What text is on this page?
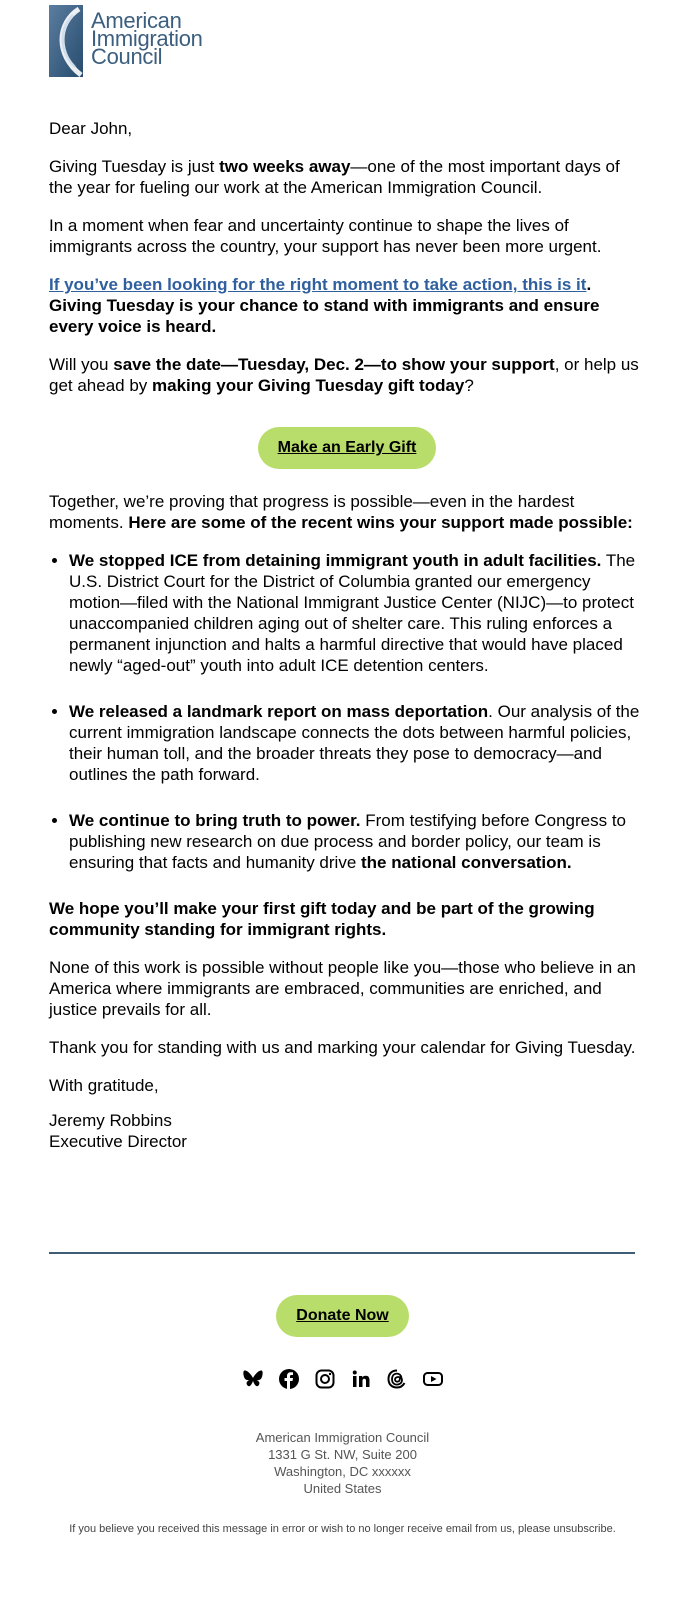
American
Immigration
Council

Dear John,

Giving Tuesday is just two weeks away—one of the most important days of the year for fueling our work at the American Immigration Council.

In a moment when fear and uncertainty continue to shape the lives of immigrants across the country, your support has never been more urgent.

If you’ve been looking for the right moment to take action, this is it.
Giving Tuesday is your chance to stand with immigrants and ensure every voice is heard.

Will you save the date—Tuesday, Dec. 2—to show your support, or help us get ahead by making your Giving Tuesday gift today?

Make an Early Gift

Together, we’re proving that progress is possible—even in the hardest moments. Here are some of the recent wins your support made possible:

• We stopped ICE from detaining immigrant youth in adult facilities. The U.S. District Court for the District of Columbia granted our emergency motion—filed with the National Immigrant Justice Center (NIJC)—to protect unaccompanied children aging out of shelter care. This ruling enforces a permanent injunction and halts a harmful directive that would have placed newly “aged-out” youth into adult ICE detention centers.
• We released a landmark report on mass deportation. Our analysis of the current immigration landscape connects the dots between harmful policies, their human toll, and the broader threats they pose to democracy—and outlines the path forward.
• We continue to bring truth to power. From testifying before Congress to publishing new research on due process and border policy, our team is ensuring that facts and humanity drive the national conversation.

We hope you’ll make your first gift today and be part of the growing community standing for immigrant rights.

None of this work is possible without people like you—those who believe in an America where immigrants are embraced, communities are enriched, and justice prevails for all.

Thank you for standing with us and marking your calendar for Giving Tuesday.

With gratitude,

Jeremy Robbins
Executive Director

Donate Now
American Immigration Council
1331 G St. NW, Suite 200
Washington, DC xxxxxx
United States
If you believe you received this message in error or wish to no longer receive email from us, please unsubscribe.
